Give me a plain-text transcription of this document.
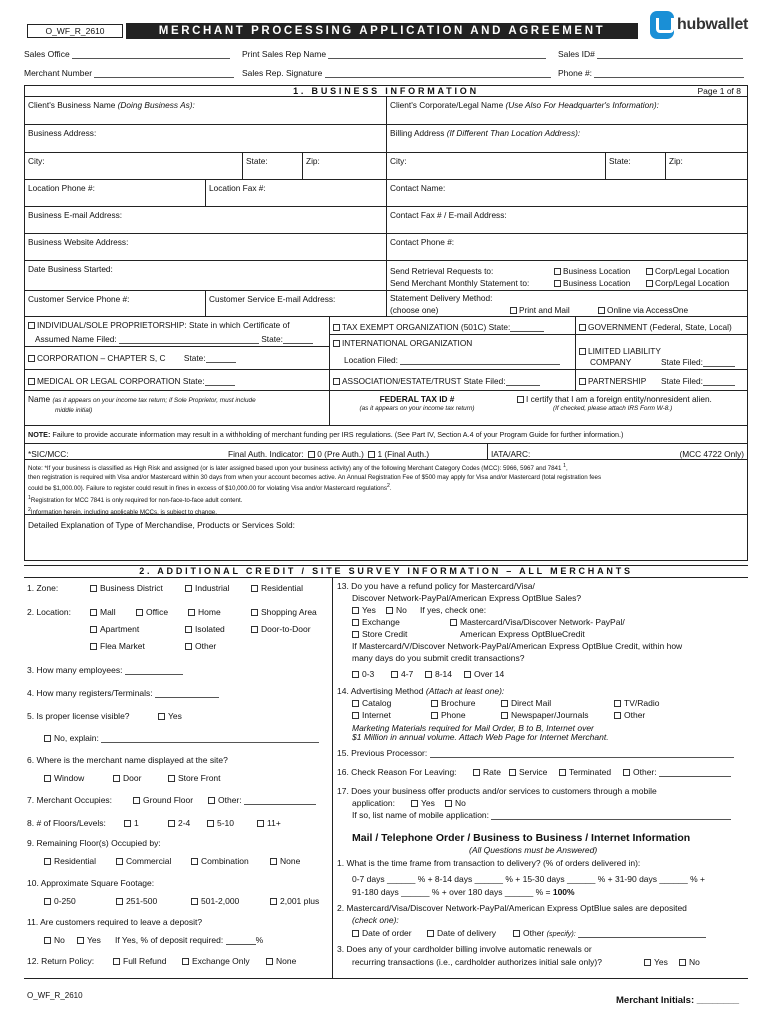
O_WF_R_2610	MERCHANT PROCESSING APPLICATION AND AGREEMENT	hubwallet
Sales Office	Print Sales Rep Name	Sales ID#
Merchant Number	Sales Rep. Signature	Phone #:
1. BUSINESS INFORMATION	Page 1 of 8
Client's Business Name (Doing Business As):	Client's Corporate/Legal Name (Use Also For Headquarter's Information):
Business Address:	Billing Address (If Different Than Location Address):
City:	State:	Zip:	City:	State:	Zip:
Location Phone #:	Location Fax #:	Contact Name:
Business E-mail Address:	Contact Fax # / E-mail Address:
Business Website Address:	Contact Phone #:
Date Business Started:	Send Retrieval Requests to:	Business Location	Corp/Legal Location
Send Merchant Monthly Statement to:	Business Location	Corp/Legal Location
Customer Service Phone #:	Customer Service E-mail Address:	Statement Delivery Method:
(choose one)	Print and Mail	Online via AccessOne
INDIVIDUAL/SOLE PROPRIETORSHIP: State in which Certificate of
Assumed Name Filed:	State:
CORPORATION – CHAPTER S, C State:
MEDICAL OR LEGAL CORPORATION State:
TAX EXEMPT ORGANIZATION (501C) State:
INTERNATIONAL ORGANIZATION
Location Filed:
ASSOCIATION/ESTATE/TRUST State Filed:
GOVERNMENT (Federal, State, Local)
LIMITED LIABILITY
COMPANY	State Filed:
PARTNERSHIP State Filed:
Name (as it appears on your income tax return; if Sole Proprietor, must include
middle initial)
FEDERAL TAX ID #
(as it appears on your income tax return)
I certify that I am a foreign entity/nonresident alien.
(If checked, please attach IRS Form W-8.)
NOTE: Failure to provide accurate information may result in a withholding of merchant funding per IRS regulations. (See Part IV, Section A.4 of your Program Guide for further information.)
*SIC/MCC:	Final Auth. Indicator: 0 (Pre Auth.) 1 (Final Auth.)	IATA/ARC:	(MCC 4722 Only)
Note: *If your business is classified as High Risk and assigned (or is later assigned based upon your business activity) any of the following Merchant Category Codes (MCC): 5966, 5967 and 7841 $^1$,
then registration is required with Visa and/or Mastercard within 30 days from when your account becomes active. An Annual Registration Fee of $500 may apply for Visa and/or Mastercard (total registration fees
could be $1,000.00). Failure to register could result in fines in excess of $10,000.00 for violating Visa and/or Mastercard regulations$^2$.
$^1$Registration for MCC 7841 is only required for non-face-to-face adult content.
$^2$Information herein, including applicable MCCs, is subject to change.
Detailed Explanation of Type of Merchandise, Products or Services Sold:
2. ADDITIONAL CREDIT / SITE SURVEY INFORMATION – ALL MERCHANTS
1. Zone:	Business District	Industrial	Residential
2. Location:	Mall	Office	Home	Shopping Area
Apartment	Isolated	Door-to-Door
Flea Market	Other
3. How many employees:
4. How many registers/Terminals:
5. Is proper license visible?	Yes
No, explain:
6. Where is the merchant name displayed at the site?
Window	Door	Store Front
7. Merchant Occupies:	Ground Floor	Other:
8. # of Floors/Levels:	1	2-4	5-10	11+
9. Remaining Floor(s) Occupied by:
Residential	Commercial	Combination	None
10. Approximate Square Footage:
0-250	251-500	501-2,000	2,001 plus
11. Are customers required to leave a deposit?
No	Yes If Yes, % of deposit required:	%
12. Return Policy:	Full Refund	Exchange Only	None
13. Do you have a refund policy for Mastercard/Visa/
Discover Network-PayPal/American Express OptBlue Sales?
Yes	No If yes, check one:
Exchange	Mastercard/Visa/Discover Network- PayPal/
Store Credit	American Express OptBlueCredit
If Mastercard/V/Discover Network-PayPal/American Express OptBlue Credit, within how
many days do you submit credit transactions?
0-3	4-7	8-14	Over 14
14. Advertising Method (Attach at least one):
Catalog	Brochure	Direct Mail	TV/Radio
Internet	Phone	Newspaper/Journals	Other
Marketing Materials required for Mail Order, B to B, Internet over
$1 Million in annual volume. Attach Web Page for Internet Merchant.
15. Previous Processor:
16. Check Reason For Leaving:	Rate	Service	Terminated	Other:
17. Does your business offer products and/or services to customers through a mobile
application:	Yes	No
If so, list name of mobile application:
Mail / Telephone Order / Business to Business / Internet Information
(All Questions must be Answered)
1. What is the time frame from transaction to delivery? (% of orders delivered in):
0-7 days ______ % + 8-14 days ______ % + 15-30 days ______ % + 31-90 days ______ % +
91-180 days ______ % + over 180 days ______ % = 100%
2. Mastercard/Visa/Discover Network-PayPal/American Express OptBlue sales are deposited
(check one):
Date of order	Date of delivery	Other (specify):
3. Does any of your cardholder billing involve automatic renewals or
recurring transactions (i.e., cardholder authorizes initial sale only)?	Yes	No
O_WF_R_2610	Merchant Initials: ________
